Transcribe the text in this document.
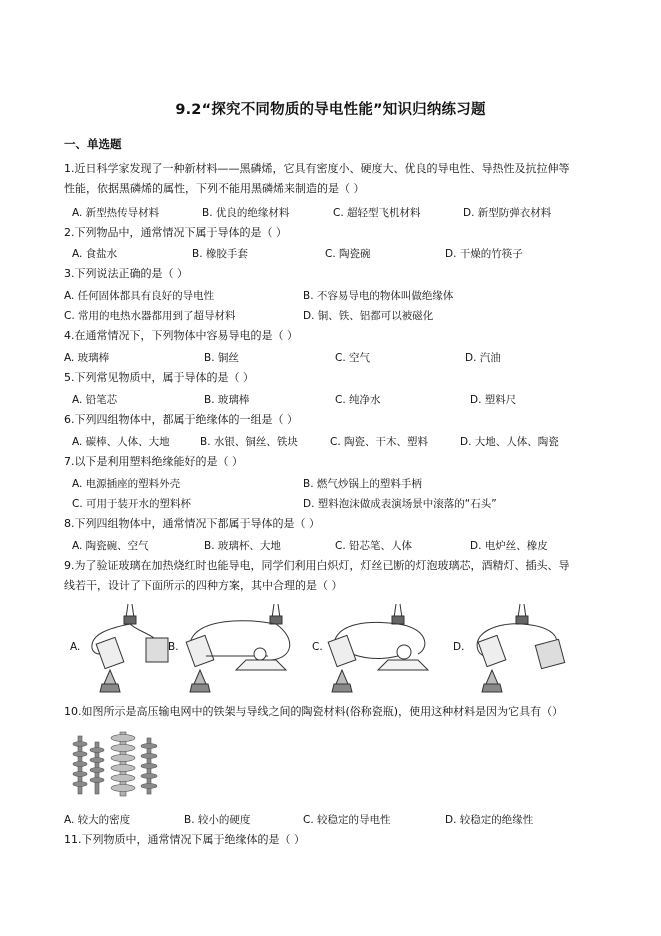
9.2“探究不同物质的导电性能”知识归纳练习题
一、单选题
1.近日科学家发现了一种新材料——黑磷烯，它具有密度小、硬度大、优良的导电性、导热性及抗拉伸等
性能，依据黑磷烯的属性，下列不能用黑磷烯来制造的是（ ）
A. 新型热传导材料	B. 优良的绝缘材料	C. 超轻型飞机材料	D. 新型防弹衣材料
2.下列物品中，通常情况下属于导体的是（ ）
A. 食盐水	B. 橡胶手套	C. 陶瓷碗	D. 干燥的竹筷子
3.下列说法正确的是（ ）
A. 任何固体都具有良好的导电性	B. 不容易导电的物体叫做绝缘体
C. 常用的电热水器都用到了超导材料	D. 铜、铁、铝都可以被磁化
4.在通常情况下，下列物体中容易导电的是（ ）
A. 玻璃棒	B. 铜丝	C. 空气	D. 汽油
5.下列常见物质中，属于导体的是（ ）
A. 铅笔芯	B. 玻璃棒	C. 纯净水	D. 塑料尺
6.下列四组物体中，都属于绝缘体的一组是（ ）
A. 碳棒、人体、大地	B. 水银、铜丝、铁块	C. 陶瓷、干木、塑料	D. 大地、人体、陶瓷
7.以下是利用塑料绝缘能好的是（ ）
A. 电源插座的塑料外壳	B. 燃气炒锅上的塑料手柄
C. 可用于装开水的塑料杯	D. 塑料泡沫做成表演场景中滚落的“石头”
8.下列四组物体中，通常情况下都属于导体的是（ ）
A. 陶瓷碗、空气	B. 玻璃杯、大地	C. 铅芯笔、人体	D. 电炉丝、橡皮
9.为了验证玻璃在加热烧红时也能导电，同学们利用白炽灯，灯丝已断的灯泡玻璃芯，酒精灯、插头、导
线若干，设计了下面所示的四种方案，其中合理的是（ ）
A.	B.	C.	D.
10.如图所示是高压输电网中的铁架与导线之间的陶瓷材料(俗称瓷瓶)，使用这种材料是因为它具有（）
A. 较大的密度	B. 较小的硬度	C. 较稳定的导电性	D. 较稳定的绝缘性
11.下列物质中，通常情况下属于绝缘体的是（ ）
